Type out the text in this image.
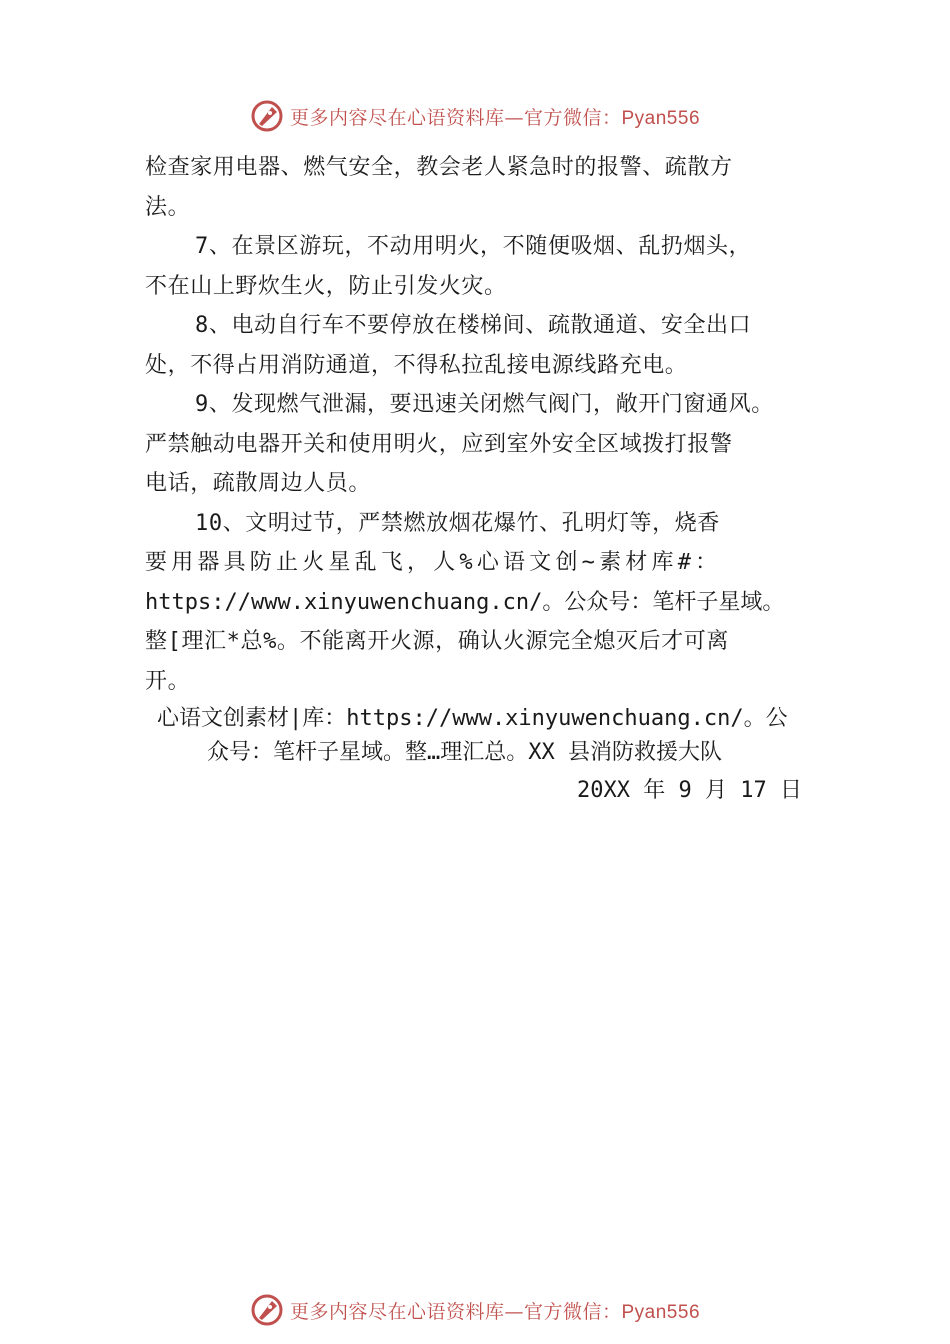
更多内容尽在心语资料库—官方微信：Pyan556
检查家用电器、燃气安全，教会老人紧急时的报警、疏散方
法。
7、在景区游玩，不动用明火，不随便吸烟、乱扔烟头，
不在山上野炊生火，防止引发火灾。
8、电动自行车不要停放在楼梯间、疏散通道、安全出口
处，不得占用消防通道，不得私拉乱接电源线路充电。
9、发现燃气泄漏，要迅速关闭燃气阀门，敞开门窗通风。
严禁触动电器开关和使用明火，应到室外安全区域拨打报警
电话，疏散周边人员。
10、文明过节，严禁燃放烟花爆竹、孔明灯等，烧香
要用器具防止火星乱飞，人%心语文创~素材库#：
https://www.xinyuwenchuang.cn/。公众号：笔杆子星域。
整[理汇*总%。不能离开火源，确认火源完全熄灭后才可离
开。
心语文创素材|库：https://www.xinyuwenchuang.cn/。公
众号：笔杆子星域。整…理汇总。XX 县消防救援大队
20XX 年 9 月 17 日
更多内容尽在心语资料库—官方微信：Pyan556
